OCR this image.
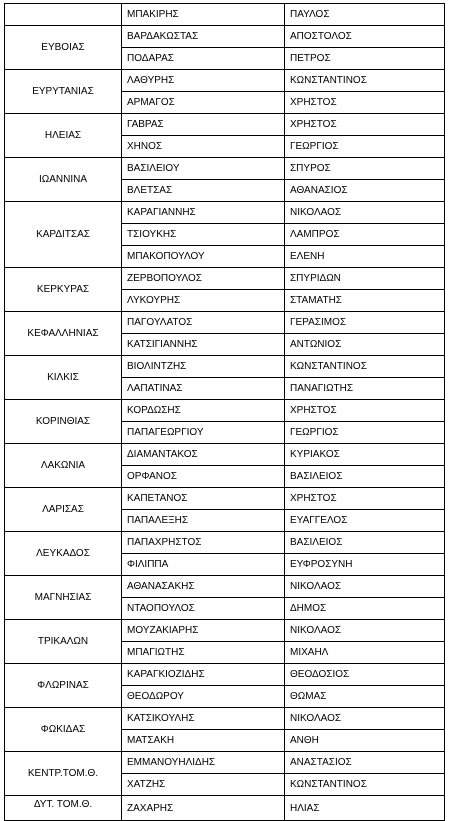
	ΜΠΑΚΙΡΗΣ	ΠΑΥΛΟΣ
ΕΥΒΟΙΑΣ	ΒΑΡΔΑΚΩΣΤΑΣ	ΑΠΟΣΤΟΛΟΣ
	ΠΟΔΑΡΑΣ	ΠΕΤΡΟΣ
ΕΥΡΥΤΑΝΙΑΣ	ΛΑΘΥΡΗΣ	ΚΩΝΣΤΑΝΤΙΝΟΣ
	ΑΡΜΑΓΟΣ	ΧΡΗΣΤΟΣ
ΗΛΕΙΑΣ	ΓΑΒΡΑΣ	ΧΡΗΣΤΟΣ
	ΧΗΝΟΣ	ΓΕΩΡΓΙΟΣ
ΙΩΑΝΝΙΝΑ	ΒΑΣΙΛΕΙΟΥ	ΣΠΥΡΟΣ
	ΒΛΕΤΣΑΣ	ΑΘΑΝΑΣΙΟΣ
ΚΑΡΔΙΤΣΑΣ	ΚΑΡΑΓΙΑΝΝΗΣ	ΝΙΚΟΛΑΟΣ
	ΤΣΙΟΥΚΗΣ	ΛΑΜΠΡΟΣ
	ΜΠΑΚΟΠΟΥΛΟΥ	ΕΛΕΝΗ
ΚΕΡΚΥΡΑΣ	ΖΕΡΒΟΠΟΥΛΟΣ	ΣΠΥΡΙΔΩΝ
	ΛΥΚΟΥΡΗΣ	ΣΤΑΜΑΤΗΣ
ΚΕΦΑΛΛΗΝΙΑΣ	ΠΑΓΟΥΛΑΤΟΣ	ΓΕΡΑΣΙΜΟΣ
	ΚΑΤΣΙΓΙΑΝΝΗΣ	ΑΝΤΩΝΙΟΣ
ΚΙΛΚΙΣ	ΒΙΟΛΙΝΤΖΗΣ	ΚΩΝΣΤΑΝΤΙΝΟΣ
	ΛΑΠΑΤΙΝΑΣ	ΠΑΝΑΓΙΩΤΗΣ
ΚΟΡΙΝΘΙΑΣ	ΚΟΡΔΩΣΗΣ	ΧΡΗΣΤΟΣ
	ΠΑΠΑΓΕΩΡΓΙΟΥ	ΓΕΩΡΓΙΟΣ
ΛΑΚΩΝΙΑ	ΔΙΑΜΑΝΤΑΚΟΣ	ΚΥΡΙΑΚΟΣ
	ΟΡΦΑΝΟΣ	ΒΑΣΙΛΕΙΟΣ
ΛΑΡΙΣΑΣ	ΚΑΠΕΤΑΝΟΣ	ΧΡΗΣΤΟΣ
	ΠΑΠΑΛΕΞΗΣ	ΕΥΑΓΓΕΛΟΣ
ΛΕΥΚΑΔΟΣ	ΠΑΠΑΧΡΗΣΤΟΣ	ΒΑΣΙΛΕΙΟΣ
	ΦΙΛΙΠΠΑ	ΕΥΦΡΟΣΥΝΗ
ΜΑΓΝΗΣΙΑΣ	ΑΘΑΝΑΣΑΚΗΣ	ΝΙΚΟΛΑΟΣ
	ΝΤΑΟΠΟΥΛΟΣ	ΔΗΜΟΣ
ΤΡΙΚΑΛΩΝ	ΜΟΥΖΑΚΙΑΡΗΣ	ΝΙΚΟΛΑΟΣ
	ΜΠΑΓΙΩΤΗΣ	ΜΙΧΑΗΛ
ΦΛΩΡΙΝΑΣ	ΚΑΡΑΓΚΙΟΖΙΔΗΣ	ΘΕΟΔΟΣΙΟΣ
	ΘΕΟΔΩΡΟΥ	ΘΩΜΑΣ
ΦΩΚΙΔΑΣ	ΚΑΤΣΙΚΟΥΛΗΣ	ΝΙΚΟΛΑΟΣ
	ΜΑΤΣΑΚΗ	ΑΝΘΗ
ΚΕΝΤΡ.ΤΟΜ.Θ.	ΕΜΜΑΝΟΥΗΛΙΔΗΣ	ΑΝΑΣΤΑΣΙΟΣ
	ΧΑΤΖΗΣ	ΚΩΝΣΤΑΝΤΙΝΟΣ
ΔΥΤ. ΤΟΜ.Θ.	ΖΑΧΑΡΗΣ	ΗΛΙΑΣ
